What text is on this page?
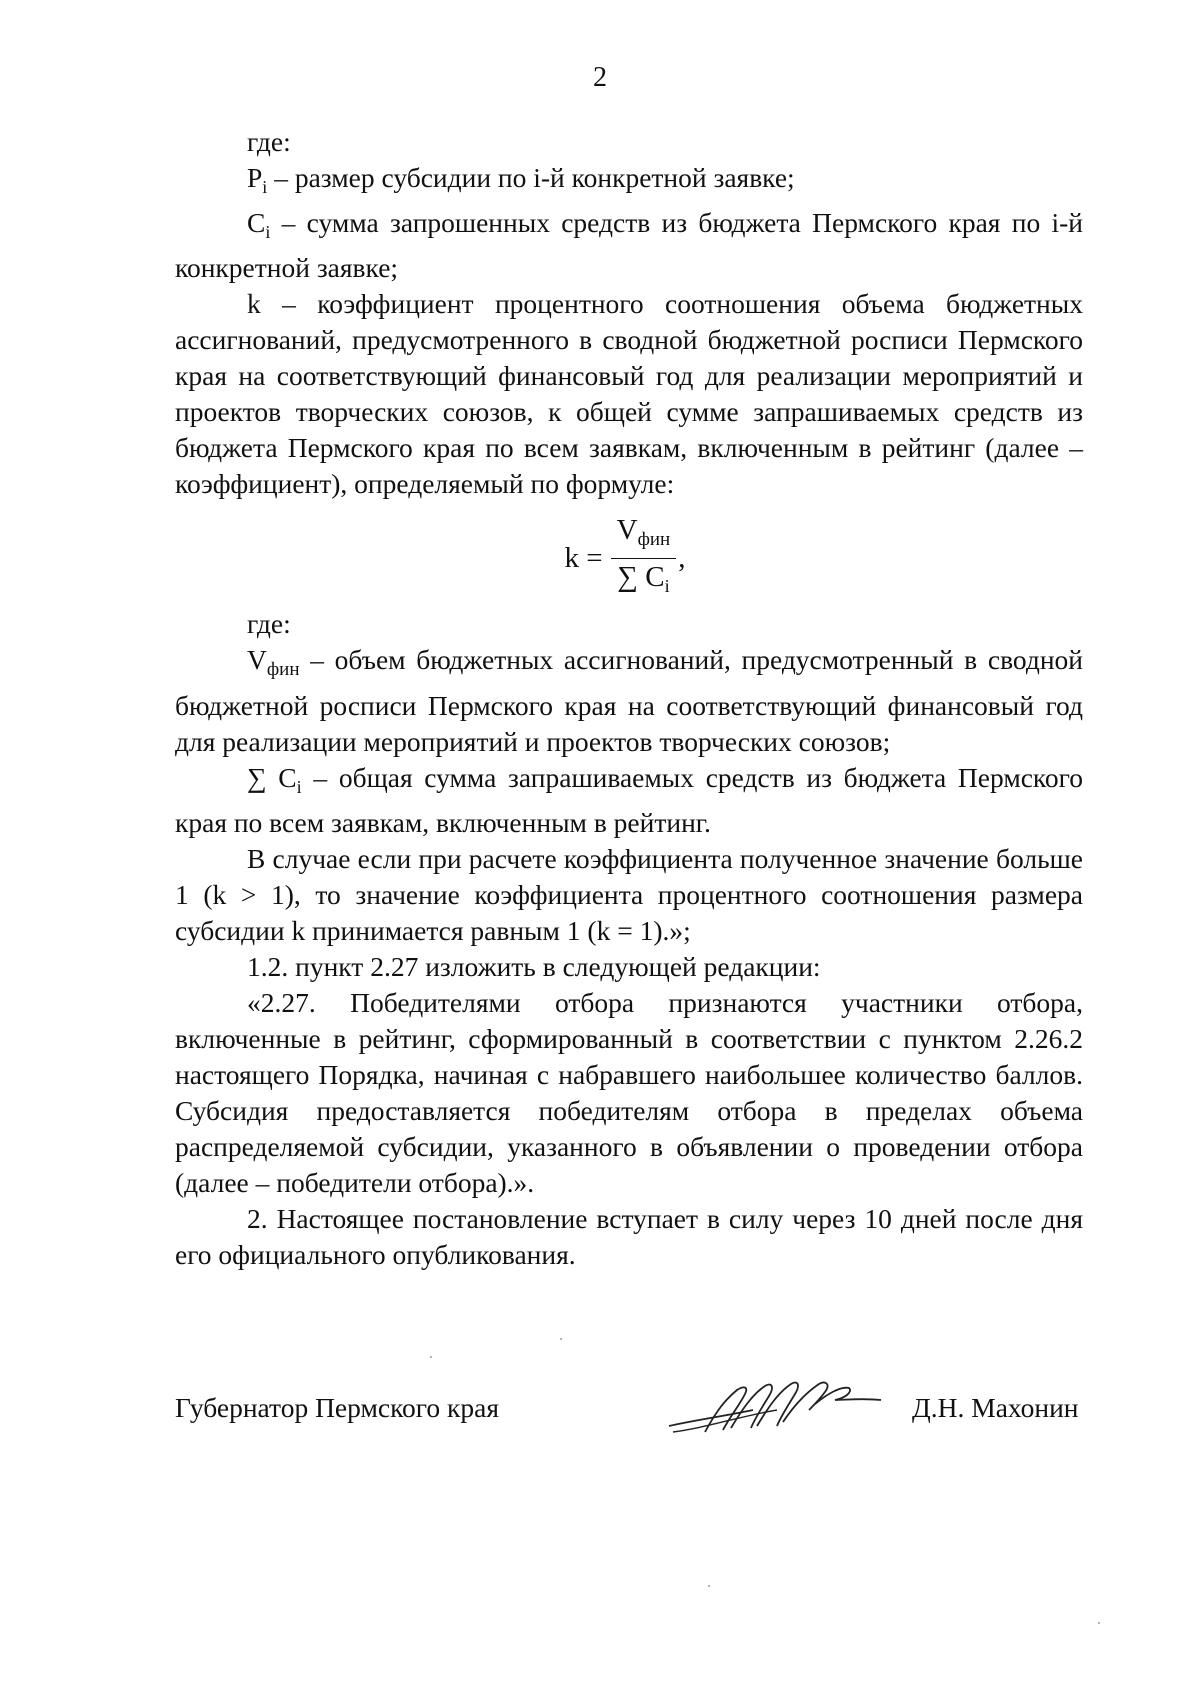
2

где:

$P_i$ – размер субсидии по i-й конкретной заявке;

$C_i$ – сумма запрошенных средств из бюджета Пермского края по i-й конкретной заявке;

k – коэффициент процентного соотношения объема бюджетных ассигнований, предусмотренного в сводной бюджетной росписи Пермского края на соответствующий финансовый год для реализации мероприятий и проектов творческих союзов, к общей сумме запрашиваемых средств из бюджета Пермского края по всем заявкам, включенным в рейтинг (далее – коэффициент), определяемый по формуле:

$k = \frac{V_{фин}}{\sum C_i}$ ,

где:

$V_{фин}$ – объем бюджетных ассигнований, предусмотренный в сводной бюджетной росписи Пермского края на соответствующий финансовый год для реализации мероприятий и проектов творческих союзов;

∑ $C_i$ – общая сумма запрашиваемых средств из бюджета Пермского края по всем заявкам, включенным в рейтинг.

В случае если при расчете коэффициента полученное значение больше 1 (k > 1), то значение коэффициента процентного соотношения размера субсидии k принимается равным 1 (k = 1).»;

1.2. пункт 2.27 изложить в следующей редакции:

«2.27. Победителями отбора признаются участники отбора, включенные в рейтинг, сформированный в соответствии с пунктом 2.26.2 настоящего Порядка, начиная с набравшего наибольшее количество баллов. Субсидия предоставляется победителям отбора в пределах объема распределяемой субсидии, указанного в объявлении о проведении отбора (далее – победители отбора).».

2. Настоящее постановление вступает в силу через 10 дней после дня его официального опубликования.

Губернатор Пермского края	Д.Н. Махонин
